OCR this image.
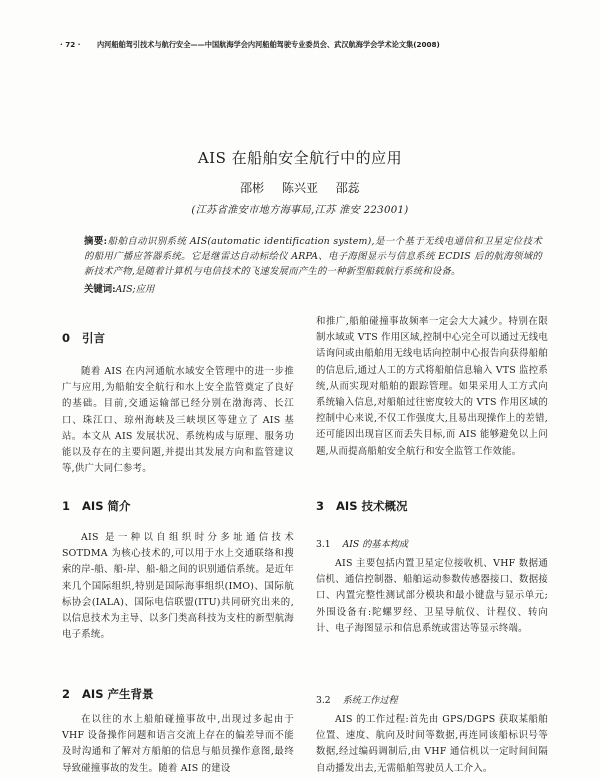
· 72 · 内河船舶驾引技术与航行安全——中国航海学会内河船舶驾驶专业委员会、武汉航海学会学术论文集(2008)
AIS 在船舶安全航行中的应用
邵彬 陈兴亚 邵蕊
(江苏省淮安市地方海事局,江苏 淮安 223001)
摘要:船舶自动识别系统 AIS(automatic identification system),是一个基于无线电通信和卫星定位技术的船用广播应答器系统。它是继雷达自动标绘仪 ARPA、电子海图显示与信息系统 ECDIS 后的航海领域的新技术产物,是随着计算机与电信技术的飞速发展而产生的一种新型船载航行系统和设备。
关键词:AIS;应用
0 引言
随着 AIS 在内河通航水域安全管理中的进一步推广与应用,为船舶安全航行和水上安全监管奠定了良好的基础。目前,交通运输部已经分别在渤海湾、长江口、珠江口、琼州海峡及三峡坝区等建立了 AIS 基站。本文从 AIS 发展状况、系统构成与原理、服务功能以及存在的主要问题,并提出其发展方向和监管建议等,供广大同仁参考。
1 AIS 简介
AIS 是一种以自组织时分多址通信技术 SOTDMA 为核心技术的,可以用于水上交通联络和搜索的岸-船、船-岸、船-船之间的识别通信系统。是近年来几个国际组织,特别是国际海事组织(IMO)、国际航标协会(IALA)、国际电信联盟(ITU)共同研究出来的,以信息技术为主导、以多门类高科技为支柱的新型航海电子系统。
2 AIS 产生背景
在以往的水上船舶碰撞事故中,出现过多起由于 VHF 设备操作问题和语言交流上存在的偏差导而不能及时沟通和了解对方船舶的信息与船员操作意图,最终导致碰撞事故的发生。随着 AIS 的建设
和推广,船舶碰撞事故频率一定会大大减少。特别在限制水域或 VTS 作用区域,控制中心完全可以通过无线电话询问或由船舶用无线电话向控制中心报告向获得船舶的信息后,通过人工的方式将船舶信息输入 VTS 监控系统,从而实现对船舶的跟踪管理。如果采用人工方式向系统输入信息,对船舶过往密度较大的 VTS 作用区域的控制中心来说,不仅工作强度大,且易出现操作上的差错,还可能因出现盲区而丢失目标,而 AIS 能够避免以上问题,从而提高船舶安全航行和安全监管工作效能。
3 AIS 技术概况
3.1 AIS 的基本构成
AIS 主要包括内置卫星定位接收机、VHF 数据通信机、通信控制器、船舶运动参数传感器接口、数据接口、内置完整性测试部分模块和最小键盘与显示单元;外围设备有:陀螺罗经、卫星导航仪、计程仪、转向计、电子海图显示和信息系统或雷达等显示终端。
3.2 系统工作过程
AIS 的工作过程:首先由 GPS/DGPS 获取某船舶位置、速度、航向及时间等数据,再连同该船标识号等数据,经过编码调制后,由 VHF 通信机以一定时间间隔自动播发出去,无需船舶驾驶员人工介入。
